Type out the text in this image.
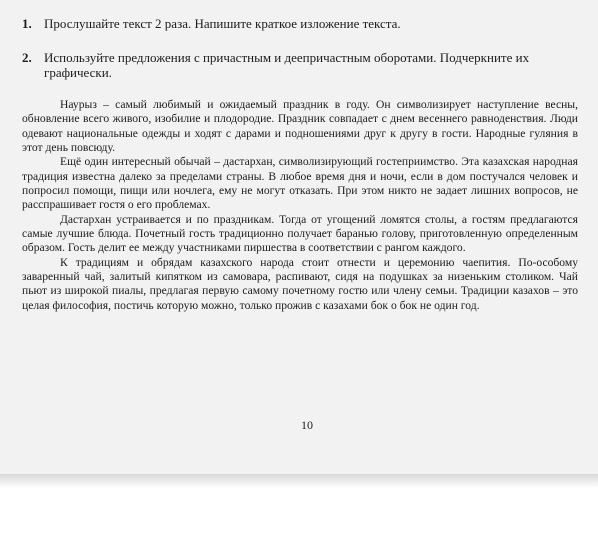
1. Прослушайте текст 2 раза. Напишите краткое изложение текста.
2. Используйте предложения с причастным и деепричастным оборотами. Подчеркните их графически.

Наурыз – самый любимый и ожидаемый праздник в году. Он символизирует наступление весны, обновление всего живого, изобилие и плодородие. Праздник совпадает с днем весеннего равноденствия. Люди одевают национальные одежды и ходят с дарами и подношениями друг к другу в гости. Народные гуляния в этот день повсюду.

Ещё один интересный обычай – дастархан, символизирующий гостеприимство. Эта казахская народная традиция известна далеко за пределами страны. В любое время дня и ночи, если в дом постучался человек и попросил помощи, пищи или ночлега, ему не могут отказать. При этом никто не задает лишних вопросов, не расспрашивает гостя о его проблемах.

Дастархан устраивается и по праздникам. Тогда от угощений ломятся столы, а гостям предлагаются самые лучшие блюда. Почетный гость традиционно получает баранью голову, приготовленную определенным образом. Гость делит ее между участниками пиршества в соответствии с рангом каждого.

К традициям и обрядам казахского народа стоит отнести и церемонию чаепития. По-особому заваренный чай, залитый кипятком из самовара, распивают, сидя на подушках за низеньким столиком. Чай пьют из широкой пиалы, предлагая первую самому почетному гостю или члену семьи. Традиции казахов – это целая философия, постичь которую можно, только прожив с казахами бок о бок не один год.

10
